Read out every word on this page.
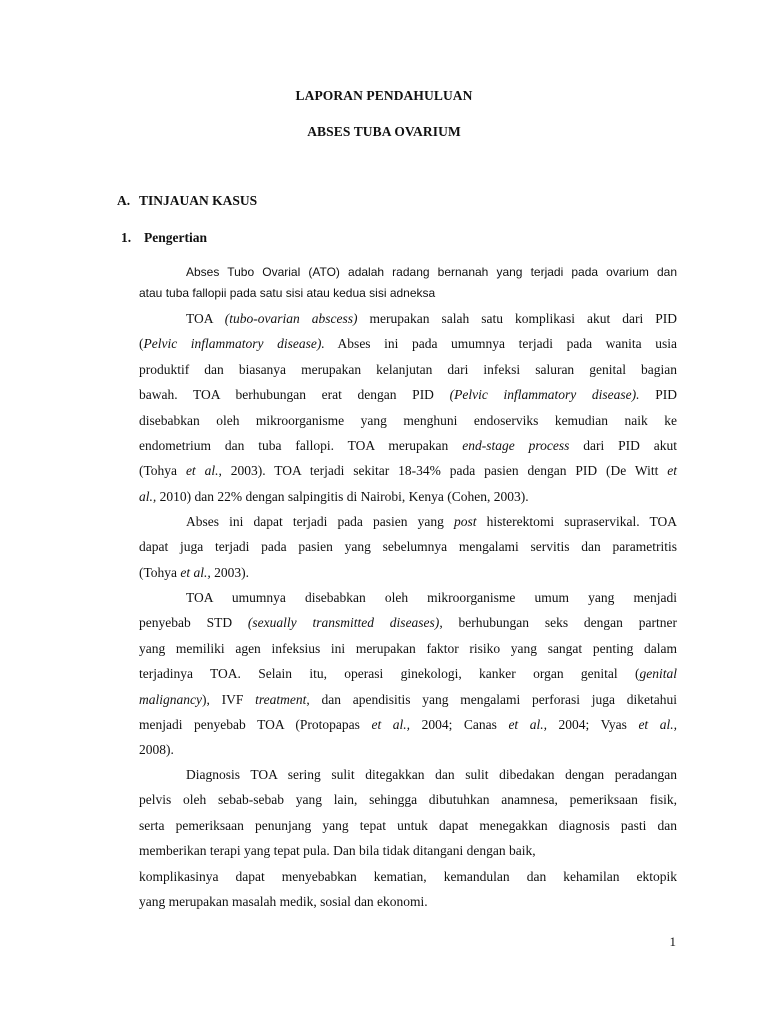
LAPORAN PENDAHULUAN
ABSES TUBA OVARIUM
A. TINJAUAN KASUS
1. Pengertian
Abses Tubo Ovarial (ATO) adalah radang bernanah yang terjadi pada ovarium dan
atau tuba fallopii pada satu sisi atau kedua sisi adneksa
TOA (tubo-ovarian abscess) merupakan salah satu komplikasi akut dari PID
(Pelvic inflammatory disease). Abses ini pada umumnya terjadi pada wanita usia
produktif dan biasanya merupakan kelanjutan dari infeksi saluran genital bagian
bawah. TOA berhubungan erat dengan PID (Pelvic inflammatory disease). PID
disebabkan oleh mikroorganisme yang menghuni endoserviks kemudian naik ke
endometrium dan tuba fallopi. TOA merupakan end-stage process dari PID akut
(Tohya et al., 2003). TOA terjadi sekitar 18-34% pada pasien dengan PID (De Witt et
al., 2010) dan 22% dengan salpingitis di Nairobi, Kenya (Cohen, 2003).
Abses ini dapat terjadi pada pasien yang post histerektomi supraservikal. TOA
dapat juga terjadi pada pasien yang sebelumnya mengalami servitis dan parametritis
(Tohya et al., 2003).
TOA umumnya disebabkan oleh mikroorganisme umum yang menjadi
penyebab STD (sexually transmitted diseases), berhubungan seks dengan partner
yang memiliki agen infeksius ini merupakan faktor risiko yang sangat penting dalam
terjadinya TOA. Selain itu, operasi ginekologi, kanker organ genital (genital
malignancy), IVF treatment, dan apendisitis yang mengalami perforasi juga diketahui
menjadi penyebab TOA (Protopapas et al., 2004; Canas et al., 2004; Vyas et al.,
2008).
Diagnosis TOA sering sulit ditegakkan dan sulit dibedakan dengan peradangan
pelvis oleh sebab-sebab yang lain, sehingga dibutuhkan anamnesa, pemeriksaan fisik,
serta pemeriksaan penunjang yang tepat untuk dapat menegakkan diagnosis pasti dan
memberikan terapi yang tepat pula. Dan bila tidak ditangani dengan baik,
komplikasinya dapat menyebabkan kematian, kemandulan dan kehamilan ektopik
yang merupakan masalah medik, sosial dan ekonomi.
1
